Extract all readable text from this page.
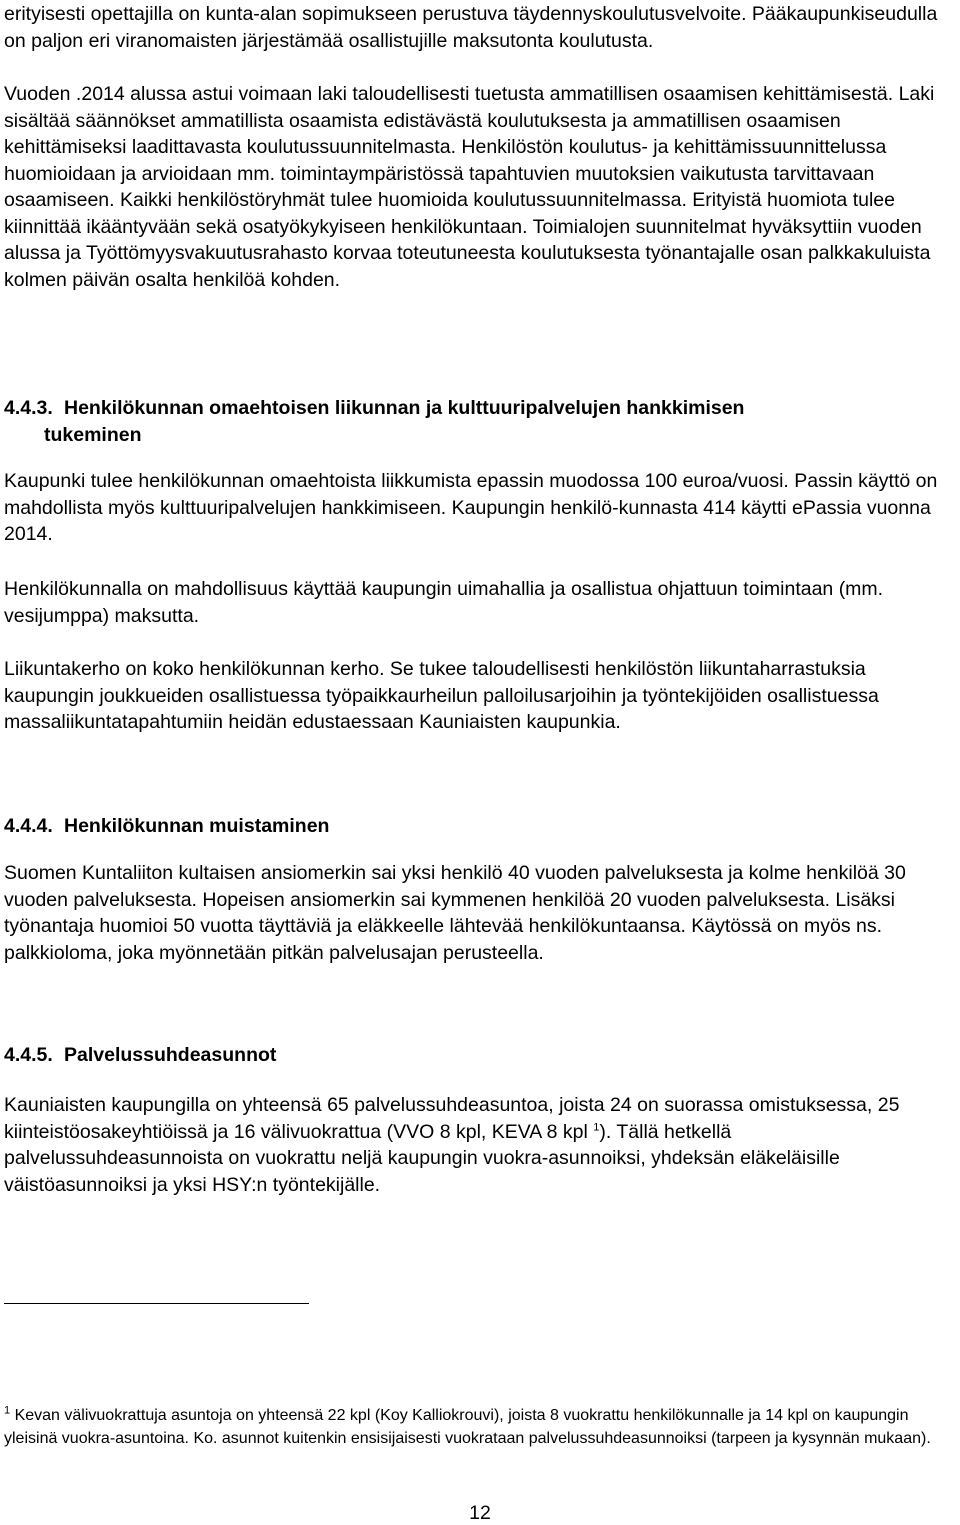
erityisesti opettajilla on kunta-alan sopimukseen perustuva täydennyskoulutusvelvoite. Pääkaupunkiseudulla on paljon eri viranomaisten järjestämää osallistujille maksutonta koulutusta.

Vuoden .2014 alussa astui voimaan laki taloudellisesti tuetusta ammatillisen osaamisen kehittämisestä. Laki sisältää säännökset ammatillista osaamista edistävästä koulutuksesta ja ammatillisen osaamisen kehittämiseksi laadittavasta koulutussuunnitelmasta. Henkilöstön koulutus- ja kehittämissuunnittelussa huomioidaan ja arvioidaan mm. toimintaympäristössä tapahtuvien muutoksien vaikutusta tarvittavaan osaamiseen. Kaikki henkilöstöryhmät tulee huomioida koulutussuunnitelmassa. Erityistä huomiota tulee kiinnittää ikääntyvään sekä osatyökykyiseen henkilökuntaan. Toimialojen suunnitelmat hyväksyttiin vuoden alussa ja Työttömyysvakuutusrahasto korvaa toteutuneesta koulutuksesta työnantajalle osan palkkakuluista kolmen päivän osalta henkilöä kohden.

4.4.3. Henkilökunnan omaehtoisen liikunnan ja kulttuuripalvelujen hankkimisen
tukeminen

Kaupunki tulee henkilökunnan omaehtoista liikkumista epassin muodossa 100 euroa/vuosi. Passin käyttö on mahdollista myös kulttuuripalvelujen hankkimiseen. Kaupungin henkilö-kunnasta 414 käytti ePassia vuonna 2014.

Henkilökunnalla on mahdollisuus käyttää kaupungin uimahallia ja osallistua ohjattuun toimintaan (mm. vesijumppa) maksutta.

Liikuntakerho on koko henkilökunnan kerho. Se tukee taloudellisesti henkilöstön liikuntaharrastuksia kaupungin joukkueiden osallistuessa työpaikkaurheilun palloilusarjoihin ja työntekijöiden osallistuessa massaliikuntatapahtumiin heidän edustaessaan Kauniaisten kaupunkia.

4.4.4. Henkilökunnan muistaminen

Suomen Kuntaliiton kultaisen ansiomerkin sai yksi henkilö 40 vuoden palveluksesta ja kolme henkilöä 30 vuoden palveluksesta. Hopeisen ansiomerkin sai kymmenen henkilöä 20 vuoden palveluksesta. Lisäksi työnantaja huomioi 50 vuotta täyttäviä ja eläkkeelle lähtevää henkilökuntaansa. Käytössä on myös ns. palkkioloma, joka myönnetään pitkän palvelusajan perusteella.

4.4.5. Palvelussuhdeasunnot

Kauniaisten kaupungilla on yhteensä 65 palvelussuhdeasuntoa, joista 24 on suorassa omistuksessa, 25 kiinteistöosakeyhtiöissä ja 16 välivuokrattua (VVO 8 kpl, KEVA 8 kpl $^1$). Tällä hetkellä palvelussuhdeasunnoista on vuokrattu neljä kaupungin vuokra-asunnoiksi, yhdeksän eläkeläisille väistöasunnoiksi ja yksi HSY:n työntekijälle.

$^1$ Kevan välivuokrattuja asuntoja on yhteensä 22 kpl (Koy Kalliokrouvi), joista 8 vuokrattu henkilökunnalle ja 14 kpl on kaupungin yleisinä vuokra-asuntoina. Ko. asunnot kuitenkin ensisijaisesti vuokrataan palvelussuhdeasunnoiksi (tarpeen ja kysynnän mukaan).

12
